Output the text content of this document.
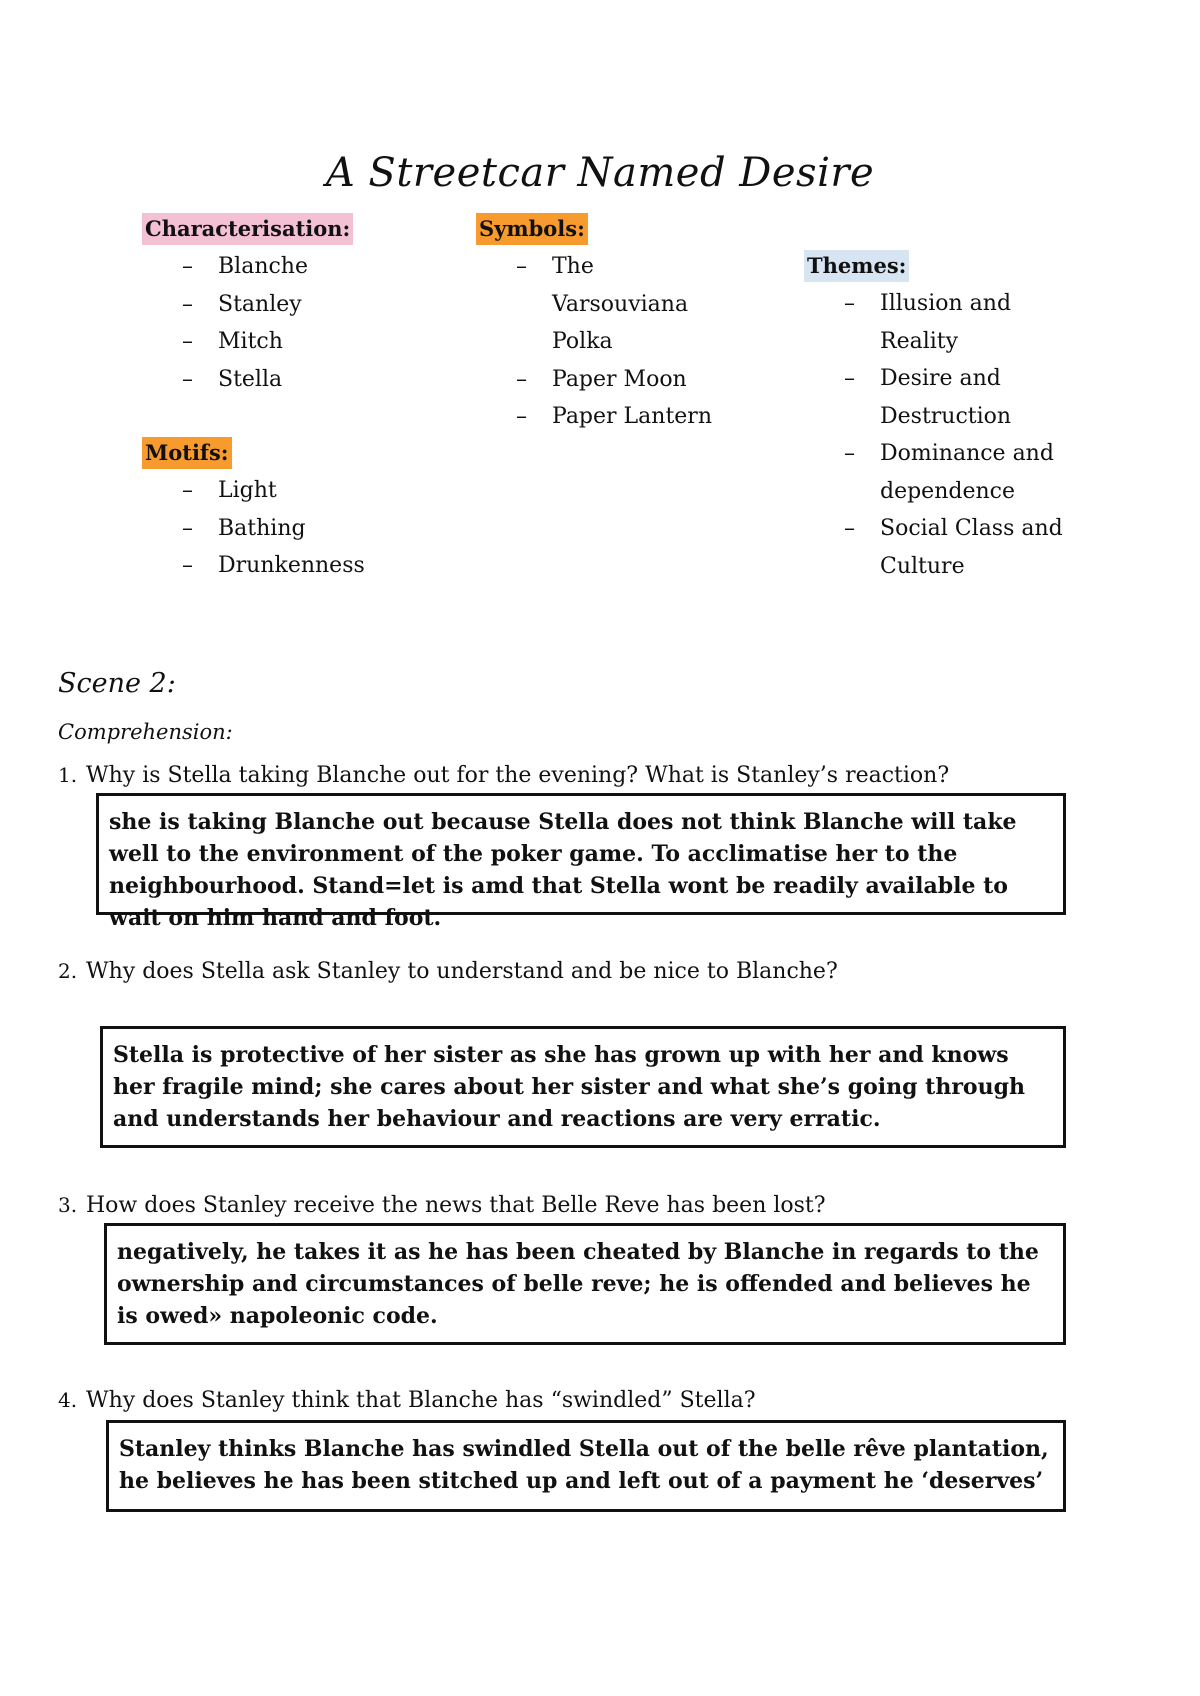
A Streetcar Named Desire
Characterisation:
– Blanche
– Stanley
– Mitch
– Stella
Motifs:
– Light
– Bathing
– Drunkenness
Symbols:
– The Varsouviana Polka
– Paper Moon
– Paper Lantern
Themes:
– Illusion and Reality
– Desire and Destruction
– Dominance and dependence
– Social Class and Culture
Scene 2:
Comprehension:
1. Why is Stella taking Blanche out for the evening? What is Stanley’s reaction?
she is taking Blanche out because Stella does not think Blanche will take well to the environment of the poker game. To acclimatise her to the neighbourhood. Stand=let is amd that Stella wont be readily available to wait on him hand and foot.
2. Why does Stella ask Stanley to understand and be nice to Blanche?
Stella is protective of her sister as she has grown up with her and knows her fragile mind; she cares about her sister and what she’s going through and understands her behaviour and reactions are very erratic.
3. How does Stanley receive the news that Belle Reve has been lost?
negatively, he takes it as he has been cheated by Blanche in regards to the ownership and circumstances of belle reve; he is offended and believes he is owed» napoleonic code.
4. Why does Stanley think that Blanche has “swindled” Stella?
Stanley thinks Blanche has swindled Stella out of the belle rêve plantation, he believes he has been stitched up and left out of a payment he ‘deserves’
